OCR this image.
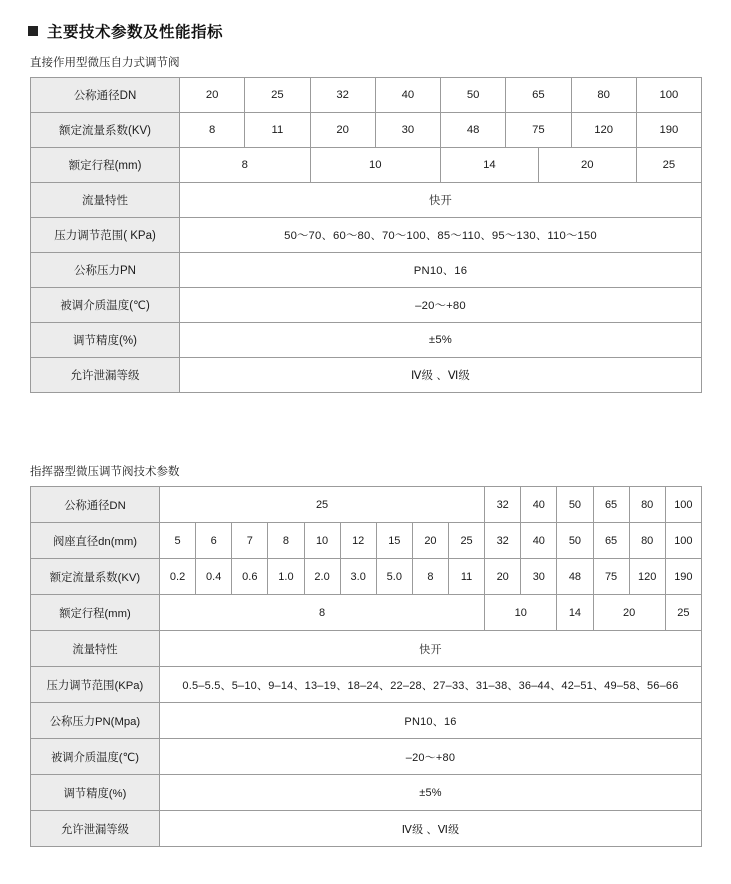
主要技术参数及性能指标
直接作用型微压自力式调节阀
公称通径DN	20	25	32	40	50	65		80	100
额定流量系数(KV)	8	11	20	30	48	75		120	190
额定行程(mm)	8		10		14		20		25
流量特性	快开								
压力调节范围( KPa)	50～70、60～80、70～100、85～110、95～130、110～150								
公称压力PN	PN10、16								
被调介质温度(℃)	–20～+80								
调节精度(%)	±5%								
允许泄漏等级	Ⅳ级 、Ⅵ级								
指挥器型微压调节阀技术参数
公称通径DN	25									32	40	50	65	80	100
阀座直径dn(mm)	5	6	7	8	10	12	15	20	25	32	40	50	65	80	100
额定流量系数(KV)	0.2	0.4	0.6	1.0	2.0	3.0	5.0	8	11	20	30	48	75	120	190
额定行程(mm)	8									10		14	20		25
流量特性	快开														
压力调节范围(KPa)	0.5–5.5、5–10、9–14、13–19、18–24、22–28、27–33、31–38、36–44、42–51、49–58、56–66														
公称压力PN(Mpa)	PN10、16														
被调介质温度(℃)	–20～+80														
调节精度(%)	±5%														
允许泄漏等级	Ⅳ级 、Ⅵ级														
